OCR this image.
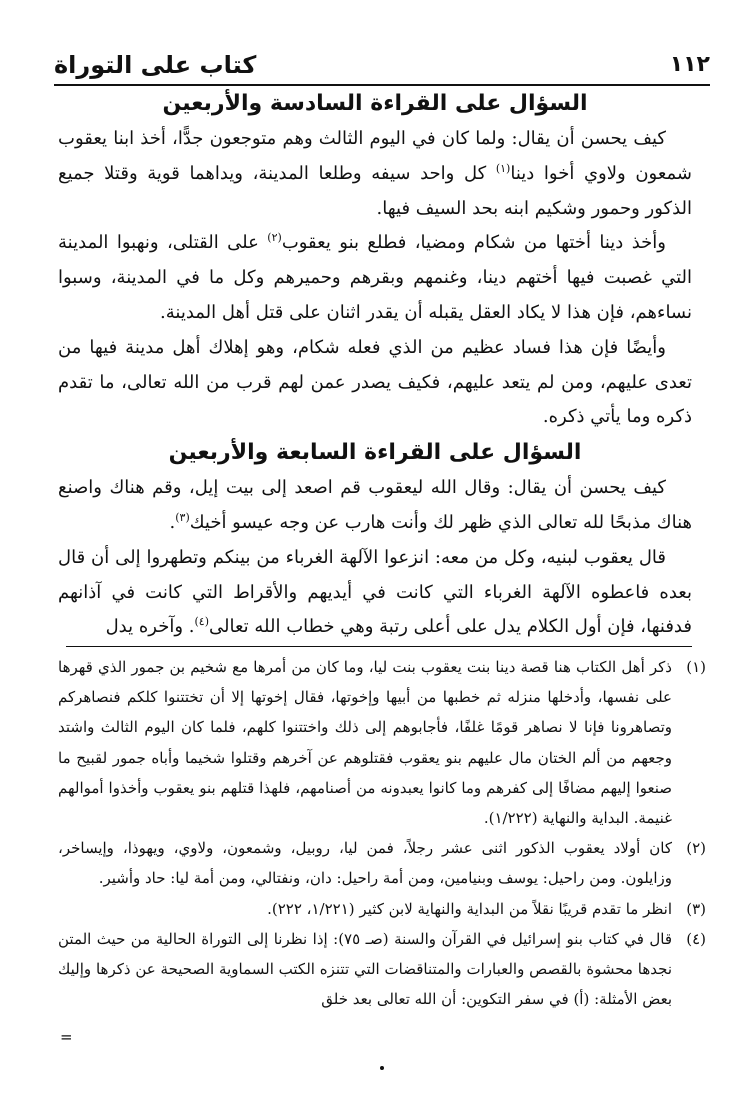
١١٢
كتاب على التوراة
السؤال على القراءة السادسة والأربعين

كيف يحسن أن يقال: ولما كان في اليوم الثالث وهم متوجعون جدًّا، أخذ ابنا يعقوب شمعون ولاوي أخوا دينا$^{(١)}$ كل واحد سيفه وطلعا المدينة، ويداهما قوية وقتلا جميع الذكور وحمور وشكيم ابنه بحد السيف فيها.

وأخذ دينا أختها من شكام ومضيا، فطلع بنو يعقوب$^{(٢)}$ على القتلى، ونهبوا المدينة التي غصبت فيها أختهم دينا، وغنمهم وبقرهم وحميرهم وكل ما في المدينة، وسبوا نساءهم، فإن هذا لا يكاد العقل يقبله أن يقدر اثنان على قتل أهل المدينة.

وأيضًا فإن هذا فساد عظيم من الذي فعله شكام، وهو إهلاك أهل مدينة فيها من تعدى عليهم، ومن لم يتعد عليهم، فكيف يصدر عمن لهم قرب من الله تعالى، ما تقدم ذكره وما يأتي ذكره.

السؤال على القراءة السابعة والأربعين

كيف يحسن أن يقال: وقال الله ليعقوب قم اصعد إلى بيت إيل، وقم هناك واصنع هناك مذبحًا لله تعالى الذي ظهر لك وأنت هارب عن وجه عيسو أخيك$^{(٣)}$.

قال يعقوب لبنيه، وكل من معه: انزعوا الآلهة الغرباء من بينكم وتطهروا إلى أن قال بعده فاعطوه الآلهة الغرباء التي كانت في أيديهم والأقراط التي كانت في آذانهم فدفنها، فإن أول الكلام يدل على أعلى رتبة وهي خطاب الله تعالى$^{(٤)}$. وآخره يدل

(١)
ذكر أهل الكتاب هنا قصة دينا بنت يعقوب بنت ليا، وما كان من أمرها مع شخيم بن جمور الذي قهرها على نفسها، وأدخلها منزله ثم خطبها من أبيها وإخوتها، فقال إخوتها إلا أن تختتنوا كلكم فنصاهركم وتصاهرونا فإنا لا نصاهر قومًا غلفًا، فأجابوهم إلى ذلك واختتنوا كلهم، فلما كان اليوم الثالث واشتد وجعهم من ألم الختان مال عليهم بنو يعقوب فقتلوهم عن آخرهم وقتلوا شخيما وأباه جمور لقبيح ما صنعوا إليهم مضافًا إلى كفرهم وما كانوا يعبدونه من أصنامهم، فلهذا قتلهم بنو يعقوب وأخذوا أموالهم غنيمة. البداية والنهاية (١/٢٢٢).
(٢)
كان أولاد يعقوب الذكور اثنى عشر رجلاً، فمن ليا، روبيل، وشمعون، ولاوي، ويهوذا، وإيساخر، وزايلون. ومن راحيل: يوسف وبنيامين، ومن أمة راحيل: دان، ونفتالي، ومن أمة ليا: حاد وأشير.
(٣)
انظر ما تقدم قريبًا نقلاً من البداية والنهاية لابن كثير (١/٢٢١، ٢٢٢).
(٤)
قال في كتاب بنو إسرائيل في القرآن والسنة (صـ ٧٥): إذا نظرنا إلى التوراة الحالية من حيث المتن نجدها محشوة بالقصص والعبارات والمتناقضات التي تتنزه الكتب السماوية الصحيحة عن ذكرها وإليك بعض الأمثلة: (أ) في سفر التكوين: أن الله تعالى بعد خلق
=
